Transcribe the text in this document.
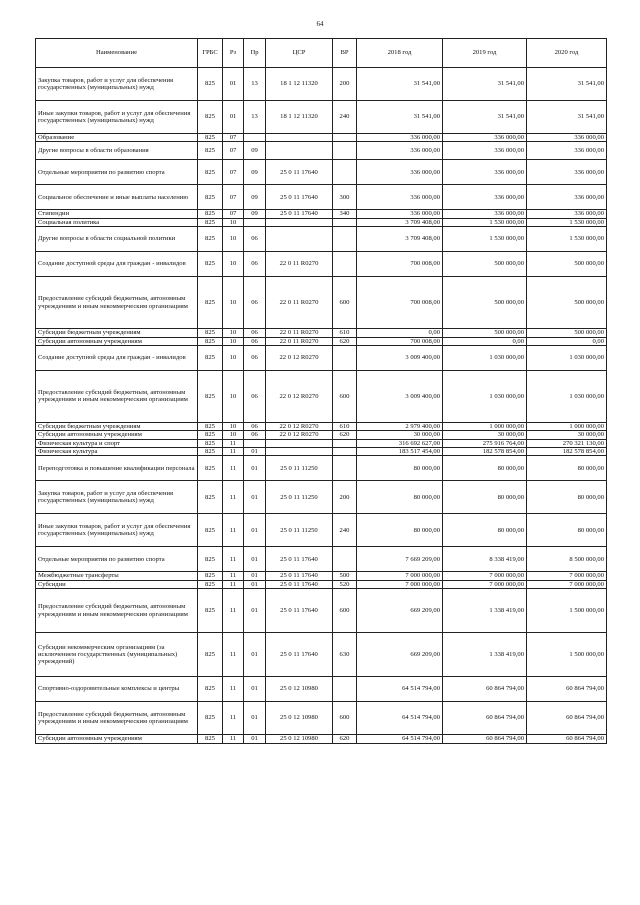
64
Наименование	ГРБС	Рз	Пр	ЦСР	ВР	2018 год	2019 год	2020 год
Закупка товаров, работ и услуг для обеспечения государственных (муниципальных) нужд	825	01	13	18 1 12 11320	200	31 541,00	31 541,00	31 541,00
Иные закупки товаров, работ и услуг для обеспечения государственных (муниципальных) нужд	825	01	13	18 1 12 11320	240	31 541,00	31 541,00	31 541,00
Образование	825	07				336 000,00	336 000,00	336 000,00
Другие вопросы в области образования	825	07	09			336 000,00	336 000,00	336 000,00
Отдельные мероприятия по развитию спорта	825	07	09	25 0 11 17640		336 000,00	336 000,00	336 000,00
Социальное обеспечение и иные выплаты населению	825	07	09	25 0 11 17640	300	336 000,00	336 000,00	336 000,00
Стипендии	825	07	09	25 0 11 17640	340	336 000,00	336 000,00	336 000,00
Социальная политика	825	10				3 709 408,00	1 530 000,00	1 530 000,00
Другие вопросы в области социальной политики	825	10	06			3 709 408,00	1 530 000,00	1 530 000,00
Создание доступной среды для граждан - инвалидов	825	10	06	22 0 11 R0270		700 008,00	500 000,00	500 000,00
Предоставление субсидий бюджетным, автономным учреждениям и иным некоммерческим организациям	825	10	06	22 0 11 R0270	600	700 008,00	500 000,00	500 000,00
Субсидии бюджетным учреждениям	825	10	06	22 0 11 R0270	610	0,00	500 000,00	500 000,00
Субсидии автономным учреждениям	825	10	06	22 0 11 R0270	620	700 008,00	0,00	0,00
Создание доступной среды для граждан - инвалидов	825	10	06	22 0 12 R0270		3 009 400,00	1 030 000,00	1 030 000,00
Предоставление субсидий бюджетным, автономным учреждениям и иным некоммерческим организациям	825	10	06	22 0 12 R0270	600	3 009 400,00	1 030 000,00	1 030 000,00
Субсидии бюджетным учреждениям	825	10	06	22 0 12 R0270	610	2 979 400,00	1 000 000,00	1 000 000,00
Субсидии автономным учреждениям	825	10	06	22 0 12 R0270	620	30 000,00	30 000,00	30 000,00
Физическая культура и спорт	825	11				316 692 627,00	275 916 764,00	270 321 130,00
Физическая культура	825	11	01			183 517 454,00	182 578 854,00	182 578 854,00
Переподготовка и повышение квалификации персонала	825	11	01	25 0 11 11250		80 000,00	80 000,00	80 000,00
Закупка товаров, работ и услуг для обеспечения государственных (муниципальных) нужд	825	11	01	25 0 11 11250	200	80 000,00	80 000,00	80 000,00
Иные закупки товаров, работ и услуг для обеспечения государственных (муниципальных) нужд	825	11	01	25 0 11 11250	240	80 000,00	80 000,00	80 000,00
Отдельные мероприятия по развитию спорта	825	11	01	25 0 11 17640		7 669 209,00	8 338 419,00	8 500 000,00
Межбюджетные трансферты	825	11	01	25 0 11 17640	500	7 000 000,00	7 000 000,00	7 000 000,00
Субсидии	825	11	01	25 0 11 17640	520	7 000 000,00	7 000 000,00	7 000 000,00
Предоставление субсидий бюджетным, автономным учреждениям и иным некоммерческим организациям	825	11	01	25 0 11 17640	600	669 209,00	1 338 419,00	1 500 000,00
Субсидии некоммерческим организациям (за исключением государственных (муниципальных) учреждений)	825	11	01	25 0 11 17640	630	669 209,00	1 338 419,00	1 500 000,00
Спортивно-оздоровительные комплексы и центры	825	11	01	25 0 12 10980		64 514 794,00	60 864 794,00	60 864 794,00
Предоставление субсидий бюджетным, автономным учреждениям и иным некоммерческим организациям	825	11	01	25 0 12 10980	600	64 514 794,00	60 864 794,00	60 864 794,00
Субсидии автономным учреждениям	825	11	01	25 0 12 10980	620	64 514 794,00	60 864 794,00	60 864 794,00
